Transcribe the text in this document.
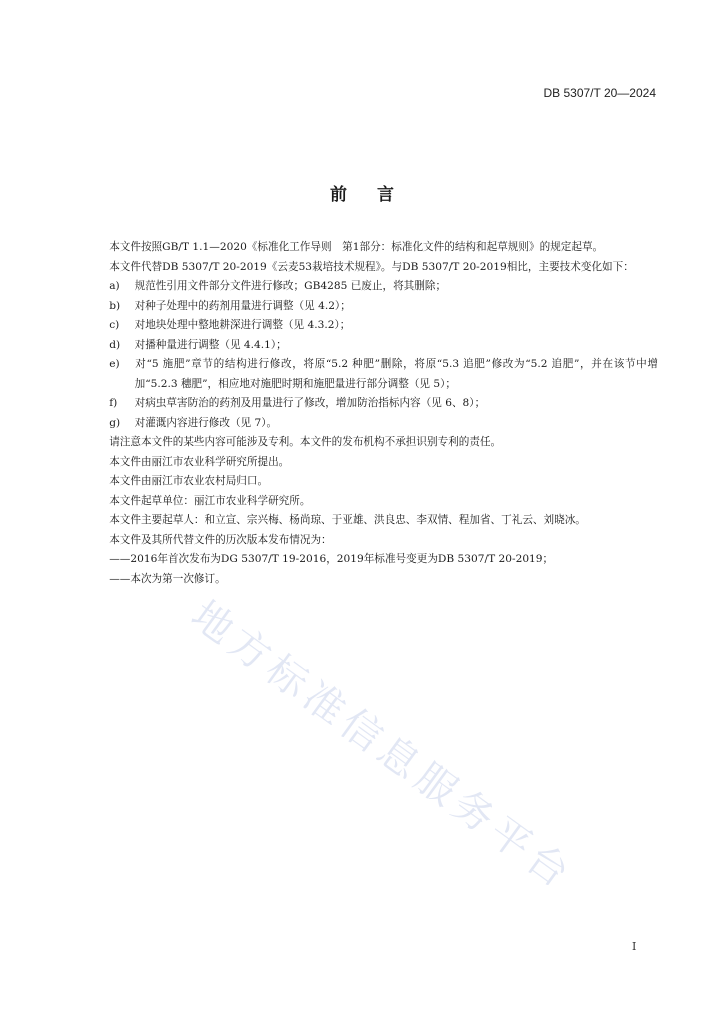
DB 5307/T 20—2024
前言

本文件按照GB/T 1.1—2020《标准化工作导则　第1部分：标准化文件的结构和起草规则》的规定起草。

本文件代替DB 5307/T 20-2019《云麦53栽培技术规程》。与DB 5307/T 20-2019相比，主要技术变化如下：

a) 规范性引用文件部分文件进行修改；GB4285 已废止，将其删除；

b) 对种子处理中的药剂用量进行调整（见 4.2）；

c) 对地块处理中整地耕深进行调整（见 4.3.2）；

d) 对播种量进行调整（见 4.4.1）；

e) 对“5 施肥”章节的结构进行修改，将原“5.2 种肥”删除，将原“5.3 追肥”修改为“5.2 追肥”，并在该节中增加“5.2.3 穗肥”，相应地对施肥时期和施肥量进行部分调整（见 5）；

f) 对病虫草害防治的药剂及用量进行了修改，增加防治指标内容（见 6、8）；

g) 对灌溉内容进行修改（见 7）。

请注意本文件的某些内容可能涉及专利。本文件的发布机构不承担识别专利的责任。

本文件由丽江市农业科学研究所提出。

本文件由丽江市农业农村局归口。

本文件起草单位：丽江市农业科学研究所。

本文件主要起草人：和立宣、宗兴梅、杨尚琼、于亚雄、洪良忠、李双情、程加省、丁礼云、刘晓冰。

本文件及其所代替文件的历次版本发布情况为：

——2016年首次发布为DG 5307/T 19-2016，2019年标准号变更为DB 5307/T 20-2019；

——本次为第一次修订。

地方标准信息服务平台
I
